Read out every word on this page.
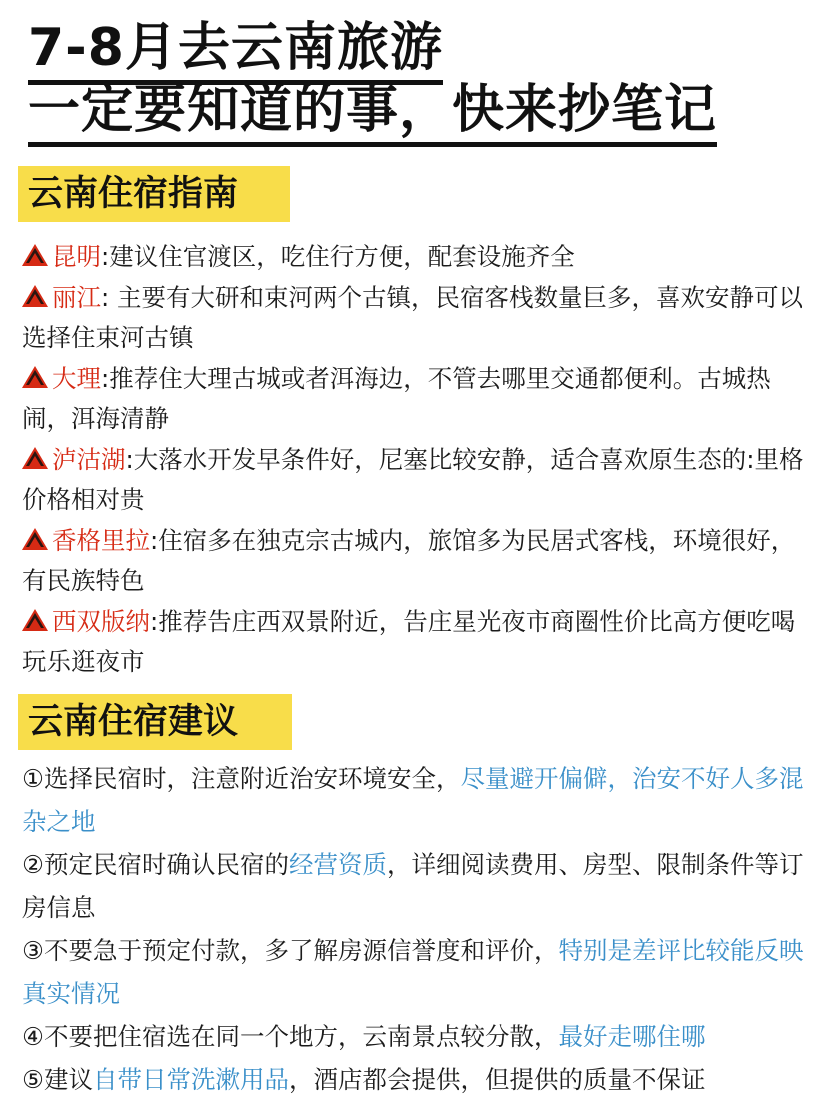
7-8月去云南旅游
一定要知道的事，快来抄笔记
云南住宿指南

昆明:建议住官渡区，吃住行方便，配套设施齐全

丽江: 主要有大研和束河两个古镇，民宿客栈数量巨多，喜欢安静可以选择住束河古镇

大理:推荐住大理古城或者洱海边，不管去哪里交通都便利。古城热闹，洱海清静

泸沽湖:大落水开发早条件好，尼塞比较安静，适合喜欢原生态的:里格价格相对贵

香格里拉:住宿多在独克宗古城内，旅馆多为民居式客栈，环境很好，有民族特色

西双版纳:推荐告庄西双景附近，告庄星光夜市商圈性价比高方便吃喝玩乐逛夜市

云南住宿建议

①选择民宿时，注意附近治安环境安全，尽量避开偏僻，治安不好人多混杂之地

②预定民宿时确认民宿的经营资质，详细阅读费用、房型、限制条件等订房信息

③不要急于预定付款，多了解房源信誉度和评价，特别是差评比较能反映真实情况

④不要把住宿选在同一个地方，云南景点较分散，最好走哪住哪

⑤建议自带日常洗漱用品，酒店都会提供，但提供的质量不保证
